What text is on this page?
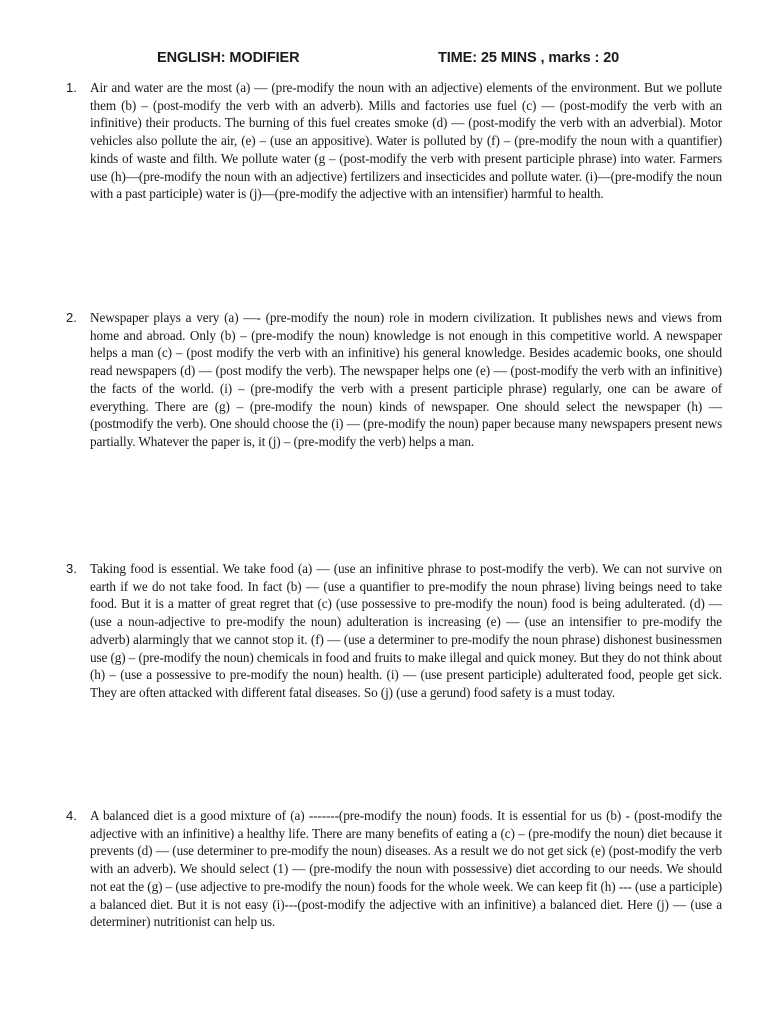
ENGLISH: MODIFIER	TIME: 25 MINS , marks : 20
1. Air and water are the most (a) — (pre-modify the noun with an adjective) elements of the environment. But we pollute them (b) – (post-modify the verb with an adverb). Mills and factories use fuel (c) — (post-modify the verb with an infinitive) their products. The burning of this fuel creates smoke (d) — (post-modify the verb with an adverbial). Motor vehicles also pollute the air, (e) – (use an appositive). Water is polluted by (f) – (pre-modify the noun with a quantifier) kinds of waste and filth. We pollute water (g – (post-modify the verb with present participle phrase) into water. Farmers use (h)—(pre-modify the noun with an adjective) fertilizers and insecticides and pollute water. (i)—(pre-modify the noun with a past participle) water is (j)—(pre-modify the adjective with an intensifier) harmful to health.

2. Newspaper plays a very (a) —- (pre-modify the noun) role in modern civilization. It publishes news and views from home and abroad. Only (b) – (pre-modify the noun) knowledge is not enough in this competitive world. A newspaper helps a man (c) – (post modify the verb with an infinitive) his general knowledge. Besides academic books, one should read newspapers (d) — (post modify the verb). The newspaper helps one (e) — (post-modify the verb with an infinitive) the facts of the world. (i) – (pre-modify the verb with a present participle phrase) regularly, one can be aware of everything. There are (g) – (pre-modify the noun) kinds of newspaper. One should select the newspaper (h) — (postmodify the verb). One should choose the (i) — (pre-modify the noun) paper because many newspapers present news partially. Whatever the paper is, it (j) – (pre-modify the verb) helps a man.

3. Taking food is essential. We take food (a) — (use an infinitive phrase to post-modify the verb). We can not survive on earth if we do not take food. In fact (b) — (use a quantifier to pre-modify the noun phrase) living beings need to take food. But it is a matter of great regret that (c) (use possessive to pre-modify the noun) food is being adulterated. (d) — (use a noun-adjective to pre-modify the noun) adulteration is increasing (e) — (use an intensifier to pre-modify the adverb) alarmingly that we cannot stop it. (f) — (use a determiner to pre-modify the noun phrase) dishonest businessmen use (g) – (pre-modify the noun) chemicals in food and fruits to make illegal and quick money. But they do not think about (h) – (use a possessive to pre-modify the noun) health. (i) — (use present participle) adulterated food, people get sick. They are often attacked with different fatal diseases. So (j) (use a gerund) food safety is a must today.

4. A balanced diet is a good mixture of (a) -------(pre-modify the noun) foods. It is essential for us (b) - (post-modify the adjective with an infinitive) a healthy life. There are many benefits of eating a (c) – (pre-modify the noun) diet because it prevents (d) — (use determiner to pre-modify the noun) diseases. As a result we do not get sick (e) (post-modify the verb with an adverb). We should select (1) — (pre-modify the noun with possessive) diet according to our needs. We should not eat the (g) – (use adjective to pre-modify the noun) foods for the whole week. We can keep fit (h) --- (use a participle) a balanced diet. But it is not easy (i)---(post-modify the adjective with an infinitive) a balanced diet. Here (j) — (use a determiner) nutritionist can help us.
